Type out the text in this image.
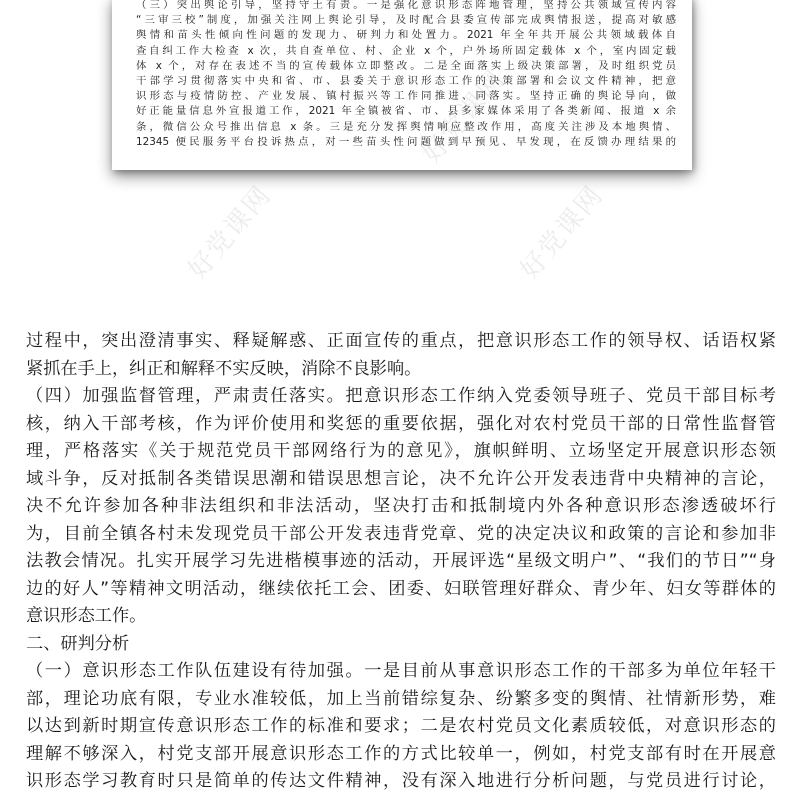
（三）突出舆论引导，坚持守土有责。一是强化意识形态阵地管理，坚持公共领域宣传内容

“三审三校”制度，加强关注网上舆论引导，及时配合县委宣传部完成舆情报送，提高对敏感

舆情和苗头性倾向性问题的发现力、研判力和处置力。2021 年全年共开展公共领域载体自

查自纠工作大检查 x 次，共自查单位、村、企业 x 个，户外场所固定载体 x 个，室内固定载

体 x 个，对存在表述不当的宣传载体立即整改。二是全面落实上级决策部署，及时组织党员

干部学习贯彻落实中央和省、市、县委关于意识形态工作的决策部署和会议文件精神，把意

识形态与疫情防控、产业发展、镇村振兴等工作同推进、同落实。坚持正确的舆论导向，做

好正能量信息外宣报道工作，2021 年全镇被省、市、县多家媒体采用了各类新闻、报道 x 余

条，微信公众号推出信息 x 条。三是充分发挥舆情响应整改作用，高度关注涉及本地舆情、

12345 便民服务平台投诉热点，对一些苗头性问题做到早预见、早发现，在反馈办理结果的

好党课网
好党课网	好党课网

过程中，突出澄清事实、释疑解惑、正面宣传的重点，把意识形态工作的领导权、话语权紧

紧抓在手上，纠正和解释不实反映，消除不良影响。

（四）加强监督管理，严肃责任落实。把意识形态工作纳入党委领导班子、党员干部目标考

核，纳入干部考核，作为评价使用和奖惩的重要依据，强化对农村党员干部的日常性监督管

理，严格落实《关于规范党员干部网络行为的意见》，旗帜鲜明、立场坚定开展意识形态领

域斗争，反对抵制各类错误思潮和错误思想言论，决不允许公开发表违背中央精神的言论，

决不允许参加各种非法组织和非法活动，坚决打击和抵制境内外各种意识形态渗透破坏行

为，目前全镇各村未发现党员干部公开发表违背党章、党的决定决议和政策的言论和参加非

法教会情况。扎实开展学习先进楷模事迹的活动，开展评选“星级文明户”、“我们的节日”“身

边的好人”等精神文明活动，继续依托工会、团委、妇联管理好群众、青少年、妇女等群体的

意识形态工作。

二、研判分析

（一）意识形态工作队伍建设有待加强。一是目前从事意识形态工作的干部多为单位年轻干

部，理论功底有限，专业水准较低，加上当前错综复杂、纷繁多变的舆情、社情新形势，难

以达到新时期宣传意识形态工作的标准和要求；二是农村党员文化素质较低，对意识形态的

理解不够深入，村党支部开展意识形态工作的方式比较单一，例如，村党支部有时在开展意

识形态学习教育时只是简单的传达文件精神，没有深入地进行分析问题，与党员进行讨论，
